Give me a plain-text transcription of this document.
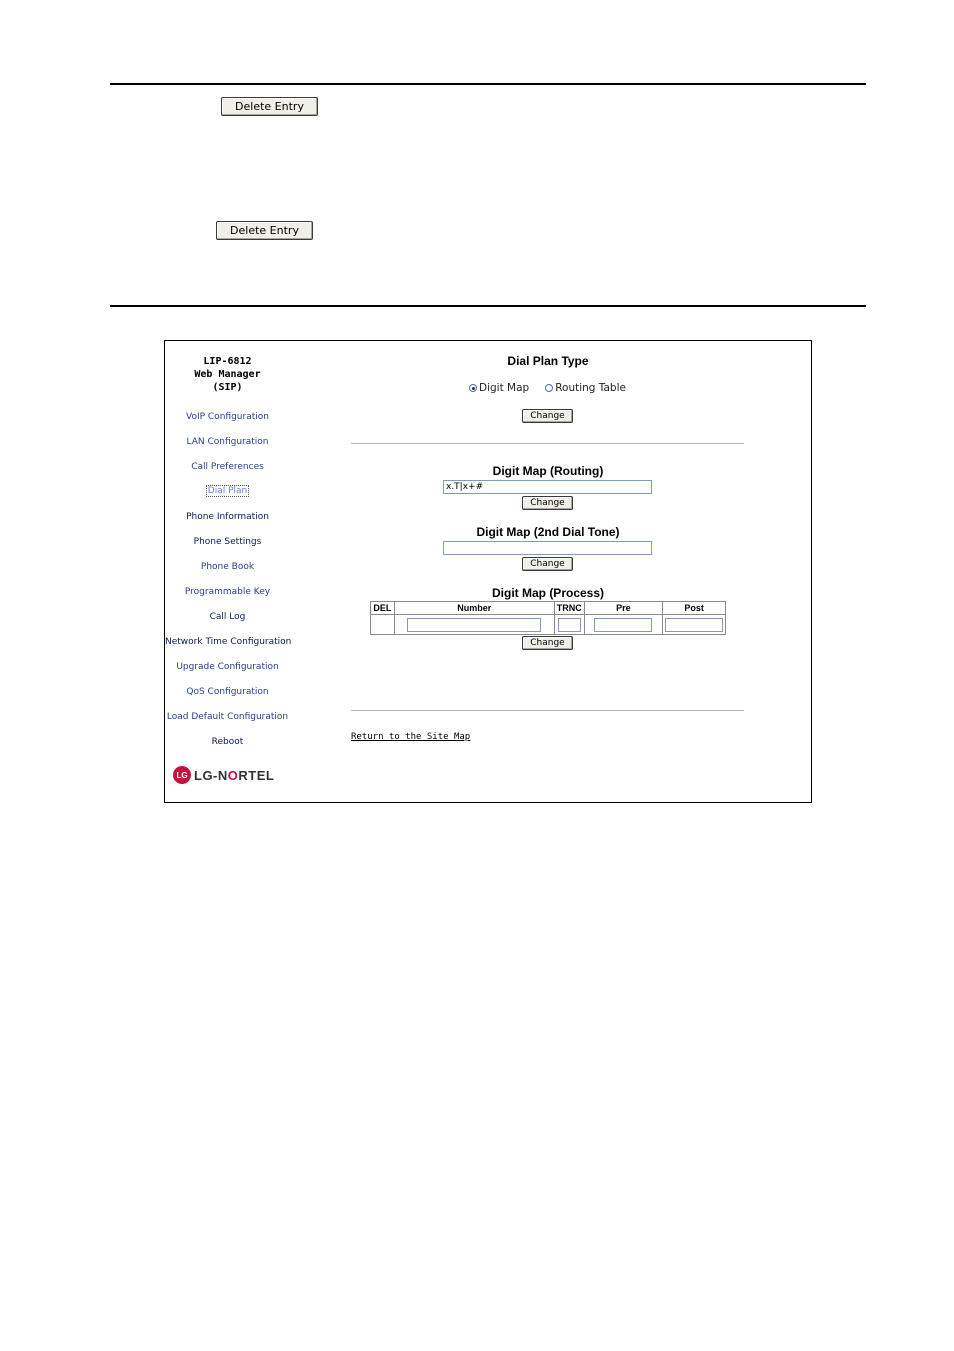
Delete Entry
Delete Entry
LIP-6812
Web Manager
(SIP)
VoIP Configuration
LAN Configuration
Call Preferences
Dial Plan
Phone Information
Phone Settings
Phone Book
Programmable Key
Call Log
Network Time Configuration
Upgrade Configuration
QoS Configuration
Load Default Configuration
Reboot
LG LG-NORTEL
Dial Plan Type
Digit Map Routing Table
Change
Digit Map (Routing)
x.T|x+#
Change
Digit Map (2nd Dial Tone)
Change
Digit Map (Process)
DEL	Number	TRNC	Pre	Post

Change
Return to the Site Map
